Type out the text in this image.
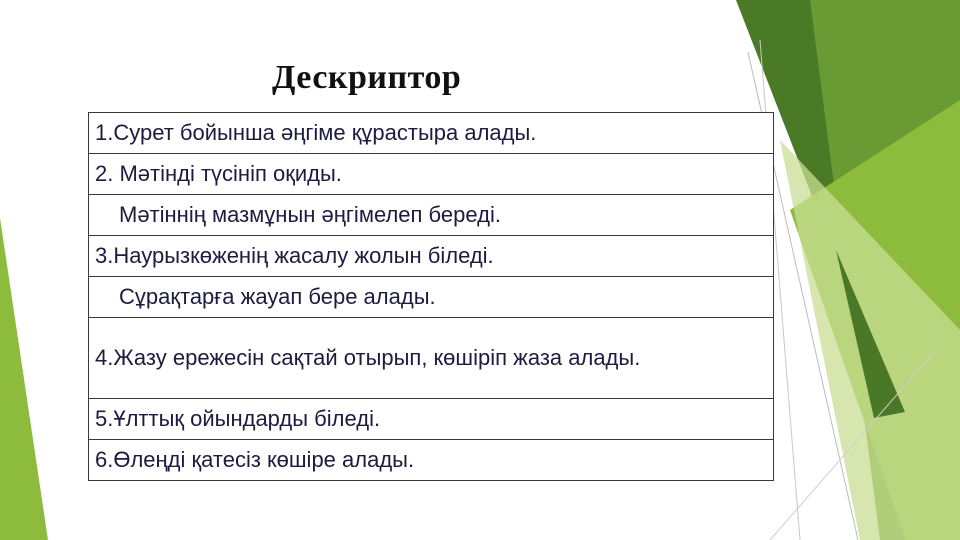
Дескриптор
1.Сурет бойынша әңгіме құрастыра алады.
2. Мәтінді түсініп оқиды.
Мәтіннің мазмұнын әңгімелеп береді.
3.Наурызкөженің жасалу жолын біледі.
Сұрақтарға жауап бере алады.
4.Жазу ережесін сақтай отырып, көшіріп жаза алады.
5.Ұлттық ойындарды біледі.
6.Өлеңді қатесіз көшіре алады.
